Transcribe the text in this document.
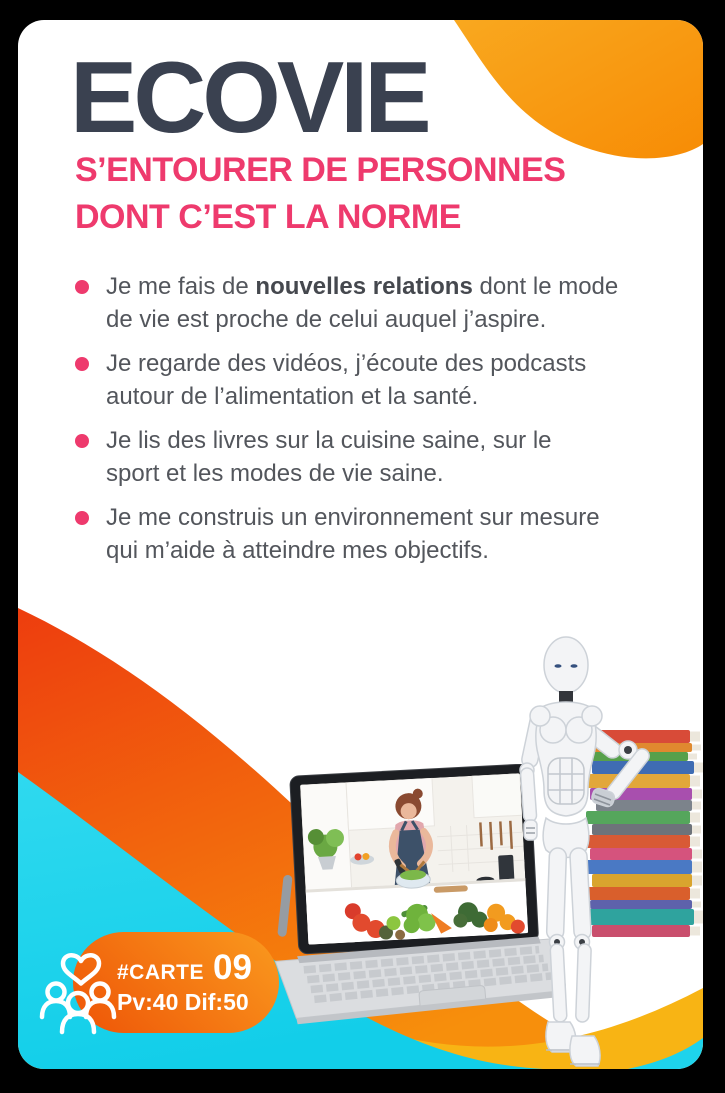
ECOVIE
S’ENTOURER DE PERSONNES
DONT C’EST LA NORME
Je me fais de nouvelles relations dont le mode
de vie est proche de celui auquel j’aspire.
Je regarde des vidéos, j’écoute des podcasts
autour de l’alimentation et la santé.
Je lis des livres sur la cuisine saine, sur le
sport et les modes de vie saine.
Je me construis un environnement sur mesure
qui m’aide à atteindre mes objectifs.
#CARTE 09
Pv:40 Dif:50
